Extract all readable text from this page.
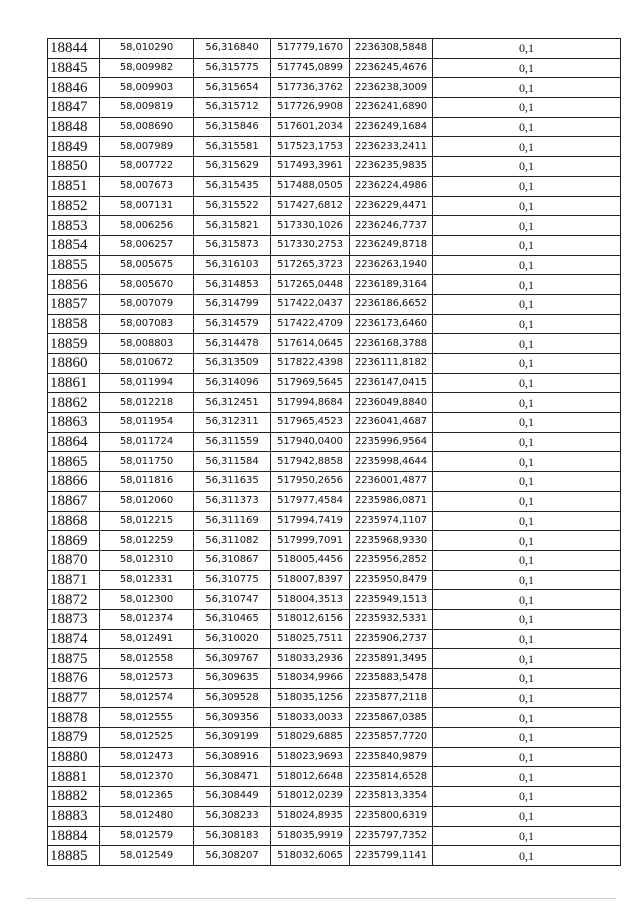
18844	58,010290	56,316840	517779,1670	2236308,5848	0,1
18845	58,009982	56,315775	517745,0899	2236245,4676	0,1
18846	58,009903	56,315654	517736,3762	2236238,3009	0,1
18847	58,009819	56,315712	517726,9908	2236241,6890	0,1
18848	58,008690	56,315846	517601,2034	2236249,1684	0,1
18849	58,007989	56,315581	517523,1753	2236233,2411	0,1
18850	58,007722	56,315629	517493,3961	2236235,9835	0,1
18851	58,007673	56,315435	517488,0505	2236224,4986	0,1
18852	58,007131	56,315522	517427,6812	2236229,4471	0,1
18853	58,006256	56,315821	517330,1026	2236246,7737	0,1
18854	58,006257	56,315873	517330,2753	2236249,8718	0,1
18855	58,005675	56,316103	517265,3723	2236263,1940	0,1
18856	58,005670	56,314853	517265,0448	2236189,3164	0,1
18857	58,007079	56,314799	517422,0437	2236186,6652	0,1
18858	58,007083	56,314579	517422,4709	2236173,6460	0,1
18859	58,008803	56,314478	517614,0645	2236168,3788	0,1
18860	58,010672	56,313509	517822,4398	2236111,8182	0,1
18861	58,011994	56,314096	517969,5645	2236147,0415	0,1
18862	58,012218	56,312451	517994,8684	2236049,8840	0,1
18863	58,011954	56,312311	517965,4523	2236041,4687	0,1
18864	58,011724	56,311559	517940,0400	2235996,9564	0,1
18865	58,011750	56,311584	517942,8858	2235998,4644	0,1
18866	58,011816	56,311635	517950,2656	2236001,4877	0,1
18867	58,012060	56,311373	517977,4584	2235986,0871	0,1
18868	58,012215	56,311169	517994,7419	2235974,1107	0,1
18869	58,012259	56,311082	517999,7091	2235968,9330	0,1
18870	58,012310	56,310867	518005,4456	2235956,2852	0,1
18871	58,012331	56,310775	518007,8397	2235950,8479	0,1
18872	58,012300	56,310747	518004,3513	2235949,1513	0,1
18873	58,012374	56,310465	518012,6156	2235932,5331	0,1
18874	58,012491	56,310020	518025,7511	2235906,2737	0,1
18875	58,012558	56,309767	518033,2936	2235891,3495	0,1
18876	58,012573	56,309635	518034,9966	2235883,5478	0,1
18877	58,012574	56,309528	518035,1256	2235877,2118	0,1
18878	58,012555	56,309356	518033,0033	2235867,0385	0,1
18879	58,012525	56,309199	518029,6885	2235857,7720	0,1
18880	58,012473	56,308916	518023,9693	2235840,9879	0,1
18881	58,012370	56,308471	518012,6648	2235814,6528	0,1
18882	58,012365	56,308449	518012,0239	2235813,3354	0,1
18883	58,012480	56,308233	518024,8935	2235800,6319	0,1
18884	58,012579	56,308183	518035,9919	2235797,7352	0,1
18885	58,012549	56,308207	518032,6065	2235799,1141	0,1
